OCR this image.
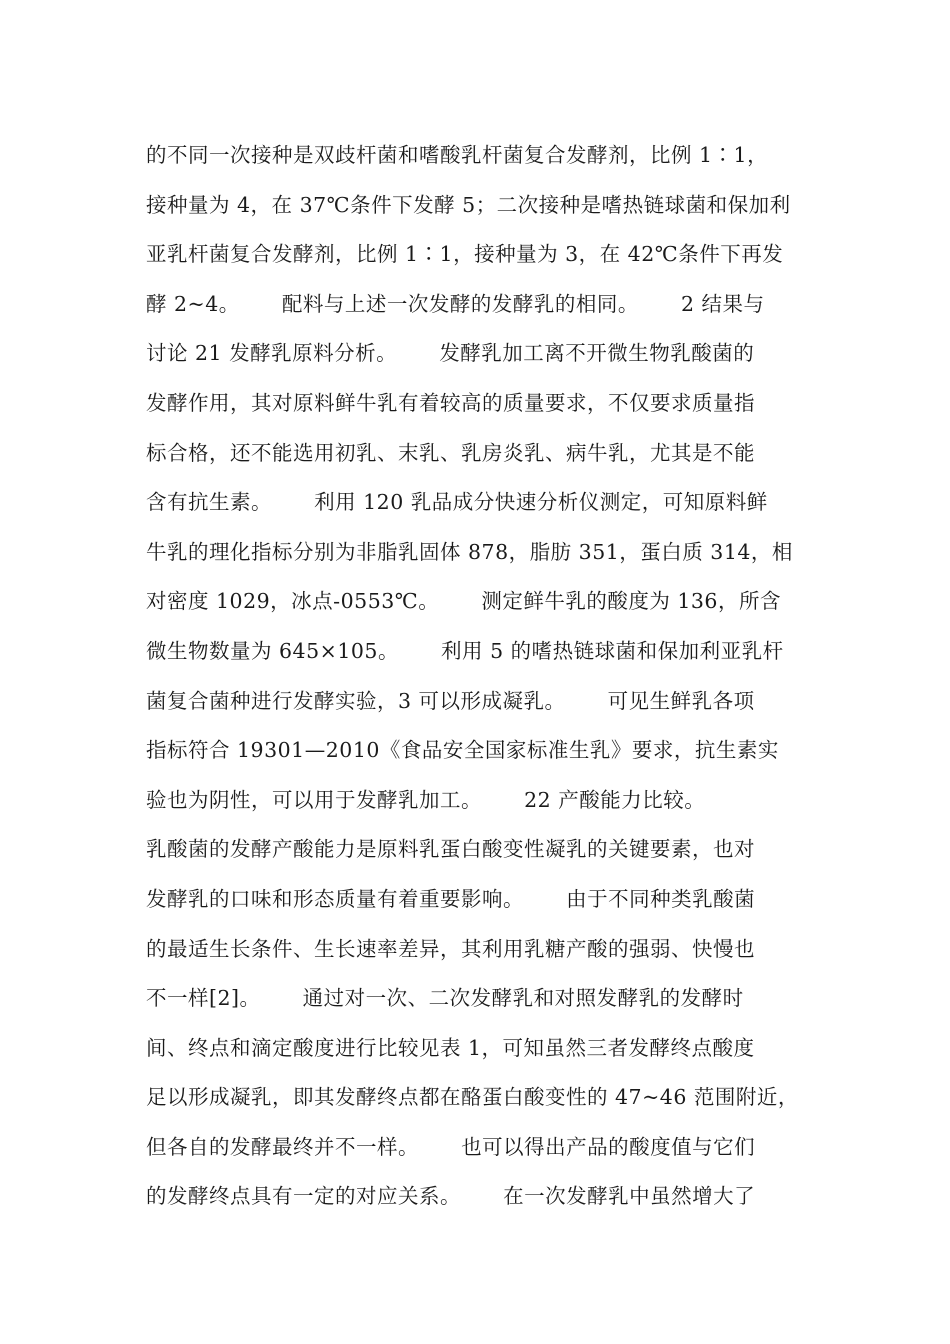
的不同一次接种是双歧杆菌和嗜酸乳杆菌复合发酵剂，比例 1∶1，
接种量为 4，在 37℃条件下发酵 5；二次接种是嗜热链球菌和保加利
亚乳杆菌复合发酵剂，比例 1∶1，接种量为 3，在 42℃条件下再发
酵 2~4。      配料与上述一次发酵的发酵乳的相同。      2 结果与
讨论 21 发酵乳原料分析。      发酵乳加工离不开微生物乳酸菌的
发酵作用，其对原料鲜牛乳有着较高的质量要求，不仅要求质量指
标合格，还不能选用初乳、末乳、乳房炎乳、病牛乳，尤其是不能
含有抗生素。      利用 120 乳品成分快速分析仪测定，可知原料鲜
牛乳的理化指标分别为非脂乳固体 878，脂肪 351，蛋白质 314，相
对密度 1029，冰点-0553℃。      测定鲜牛乳的酸度为 136，所含
微生物数量为 645×105。      利用 5 的嗜热链球菌和保加利亚乳杆
菌复合菌种进行发酵实验，3 可以形成凝乳。      可见生鲜乳各项
指标符合 19301—2010《食品安全国家标准生乳》要求，抗生素实
验也为阴性，可以用于发酵乳加工。      22 产酸能力比较。
乳酸菌的发酵产酸能力是原料乳蛋白酸变性凝乳的关键要素，也对
发酵乳的口味和形态质量有着重要影响。      由于不同种类乳酸菌
的最适生长条件、生长速率差异，其利用乳糖产酸的强弱、快慢也
不一样[2]。      通过对一次、二次发酵乳和对照发酵乳的发酵时
间、终点和滴定酸度进行比较见表 1，可知虽然三者发酵终点酸度
足以形成凝乳，即其发酵终点都在酪蛋白酸变性的 47~46 范围附近，
但各自的发酵最终并不一样。      也可以得出产品的酸度值与它们
的发酵终点具有一定的对应关系。      在一次发酵乳中虽然增大了
